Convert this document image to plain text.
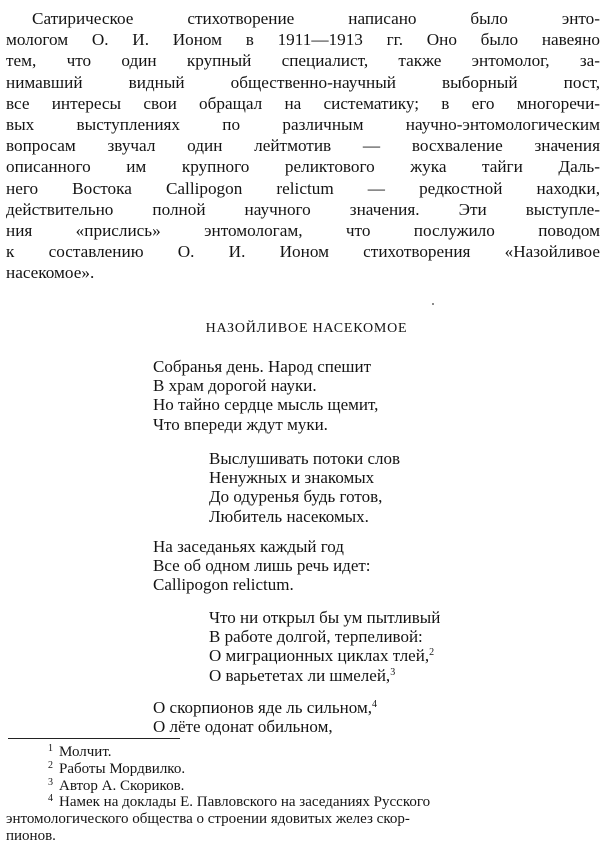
Сатирическое стихотворение написано было энто-
мологом О. И. Ионом в 1911—1913 гг. Оно было навеяно
тем, что один крупный специалист, также энтомолог, за-
нимавший видный общественно-научный выборный пост,
все интересы свои обращал на систематику; в его многоречи-
вых выступлениях по различным научно-энтомологическим
вопросам звучал один лейтмотив — восхваление значения
описанного им крупного реликтового жука тайги Даль-
него Востока Callipogon relictum — редкостной находки,
действительно полной научного значения. Эти выступле-
ния «прислись» энтомологам, что послужило поводом
к составлению О. И. Ионом стихотворения «Назойливое
насекомое».
НАЗОЙЛИВОЕ НАСЕКОМОЕ
Собранья день. Народ спешит
В храм дорогой науки.
Но тайно сердце мысль щемит,
Что впереди ждут муки.
Выслушивать потоки слов
Ненужных и знакомых
До одуренья будь готов,
Любитель насекомых.
На заседаньях каждый год
Все об одном лишь речь идет:
Callipogon relictum.
Что ни открыл бы ум пытливый
В работе долгой, терпеливой:
О миграционных циклах тлей,$^2$
О варьететах ли шмелей,$^3$
О скорпионов яде ль сильном,$^4$
О лёте одонат обильном,
$^1$ Молчит.
$^2$ Работы Мордвилко.
$^3$ Автор А. Скориков.
$^4$ Намек на доклады Е. Павловского на заседаниях Русского
энтомологического общества о строении ядовитых желез скор-
пионов.
